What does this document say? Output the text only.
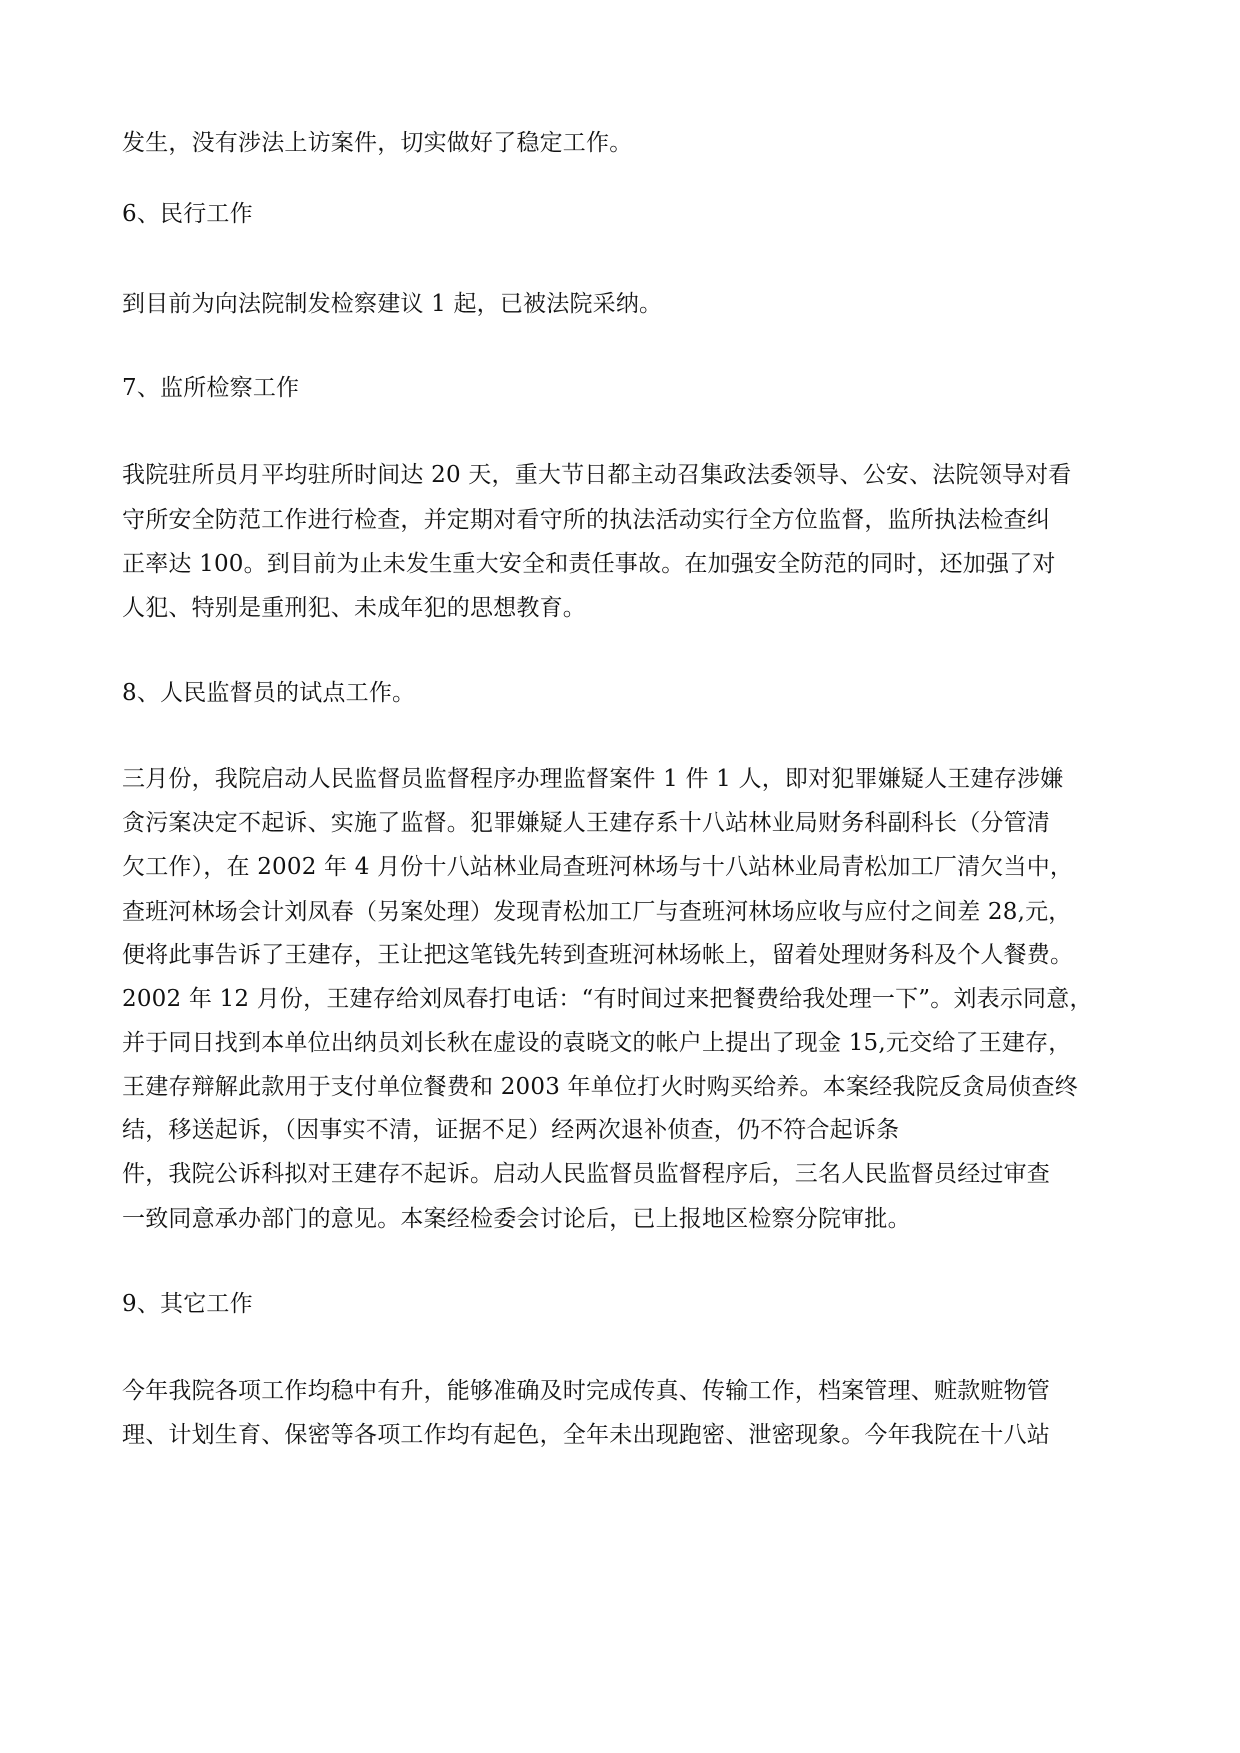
发生，没有涉法上访案件，切实做好了稳定工作。
6、民行工作
到目前为向法院制发检察建议 1 起，已被法院采纳。
7、监所检察工作
我院驻所员月平均驻所时间达 20 天，重大节日都主动召集政法委领导、公安、法院领导对看
守所安全防范工作进行检查，并定期对看守所的执法活动实行全方位监督，监所执法检查纠
正率达 100。到目前为止未发生重大安全和责任事故。在加强安全防范的同时，还加强了对
人犯、特别是重刑犯、未成年犯的思想教育。
8、人民监督员的试点工作。
三月份，我院启动人民监督员监督程序办理监督案件 1 件 1 人，即对犯罪嫌疑人王建存涉嫌
贪污案决定不起诉、实施了监督。犯罪嫌疑人王建存系十八站林业局财务科副科长（分管清
欠工作），在 2002 年 4 月份十八站林业局查班河林场与十八站林业局青松加工厂清欠当中，
查班河林场会计刘凤春（另案处理）发现青松加工厂与查班河林场应收与应付之间差 28,元，
便将此事告诉了王建存，王让把这笔钱先转到查班河林场帐上，留着处理财务科及个人餐费。
2002 年 12 月份，王建存给刘凤春打电话：“有时间过来把餐费给我处理一下”。刘表示同意，
并于同日找到本单位出纳员刘长秋在虚设的袁晓文的帐户上提出了现金 15,元交给了王建存，
王建存辩解此款用于支付单位餐费和 2003 年单位打火时购买给养。本案经我院反贪局侦查终
结，移送起诉，（因事实不清，证据不足）经两次退补侦查，仍不符合起诉条
件，我院公诉科拟对王建存不起诉。启动人民监督员监督程序后，三名人民监督员经过审查
一致同意承办部门的意见。本案经检委会讨论后，已上报地区检察分院审批。
9、其它工作
今年我院各项工作均稳中有升，能够准确及时完成传真、传输工作，档案管理、赃款赃物管
理、计划生育、保密等各项工作均有起色，全年未出现跑密、泄密现象。今年我院在十八站
